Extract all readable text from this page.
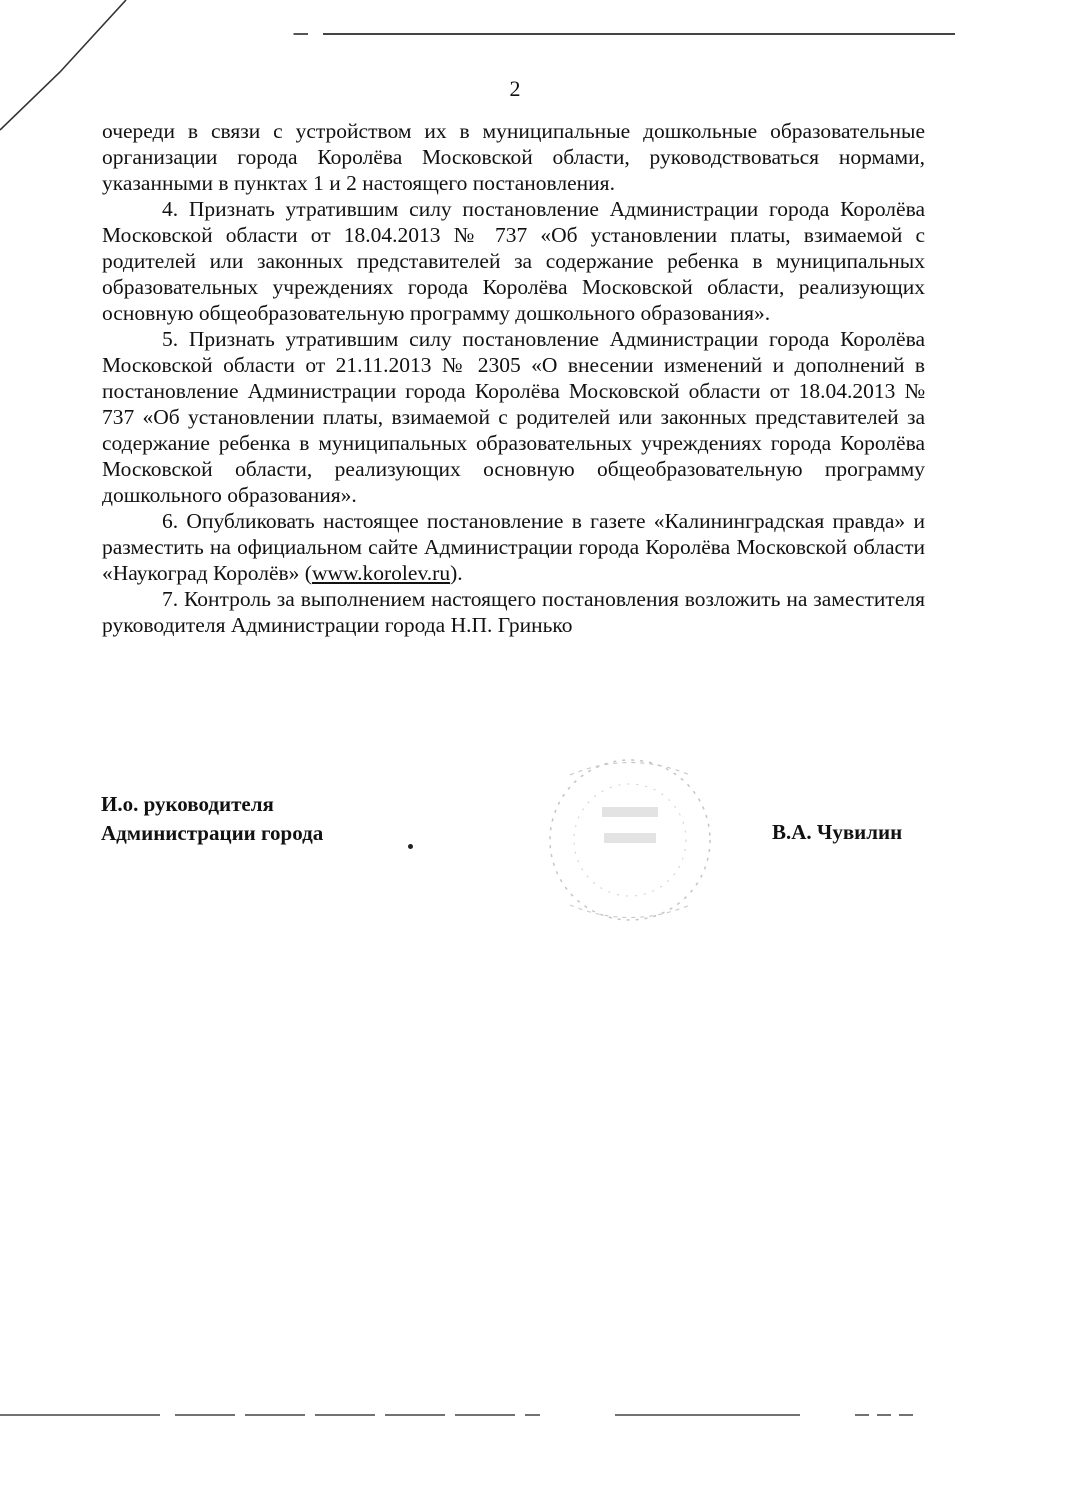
2

очереди в связи с устройством их в муниципальные дошкольные образовательные организации города Королёва Московской области, руководствоваться нормами, указанными в пунктах 1 и 2 настоящего постановления.

4. Признать утратившим силу постановление Администрации города Королёва Московской области от 18.04.2013 № 737 «Об установлении платы, взимаемой с родителей или законных представителей за содержание ребенка в муниципальных образовательных учреждениях города Королёва Московской области, реализующих основную общеобразовательную программу дошкольного образования».

5. Признать утратившим силу постановление Администрации города Королёва Московской области от 21.11.2013 № 2305 «О внесении изменений и дополнений в постановление Администрации города Королёва Московской области от 18.04.2013 № 737 «Об установлении платы, взимаемой с родителей или законных представителей за содержание ребенка в муниципальных образовательных учреждениях города Королёва Московской области, реализующих основную общеобразовательную программу дошкольного образования».

6. Опубликовать настоящее постановление в газете «Калининградская правда» и разместить на официальном сайте Администрации города Королёва Московской области «Наукоград Королёв» (www.korolev.ru).

7. Контроль за выполнением настоящего постановления возложить на заместителя руководителя Администрации города Н.П. Гринько

И.о. руководителя
Администрации города	В.А. Чувилин
